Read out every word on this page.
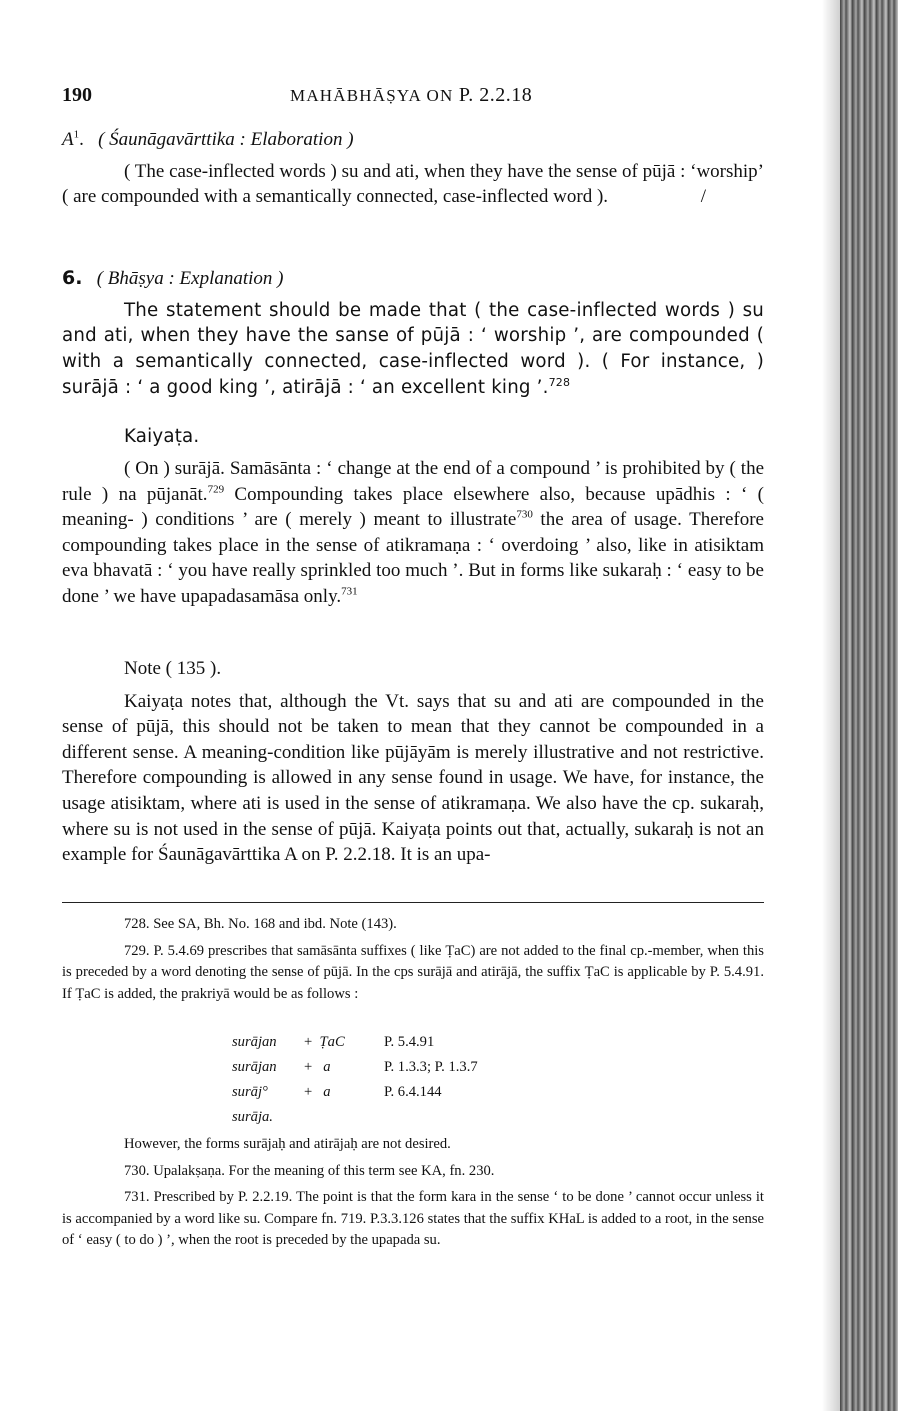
190	MAHĀBHĀṢYA ON P. 2.2.18

$A^1$.   ( Śaunāgavārttika : Elaboration )

( The case-inflected words ) su and ati, when they have the sense of pūjā : ‘worship’ ( are compounded with a semantically connected, case-inflected word ).	/

6. ( Bhāṣya : Explanation )

The statement should be made that ( the case-inflected words ) su and ati, when they have the sanse of pūjā : ‘ worship ’, are compounded ( with a semantically connected, case-inflected word ). ( For instance, ) surājā : ‘ a good king ’, atirājā : ‘ an excellent king ’.$^{728}$

Kaiyaṭa.

( On ) surājā. Samāsānta : ‘ change at the end of a compound ’ is prohibited by ( the rule ) na pūjanāt.$^{729}$ Compounding takes place elsewhere also, because upādhis : ‘ ( meaning- ) conditions ’ are ( merely ) meant to illustrate$^{730}$ the area of usage. Therefore compounding takes place in the sense of atikramaṇa : ‘ overdoing ’ also, like in atisiktam eva bhavatā : ‘ you have really sprinkled too much ’. But in forms like sukaraḥ : ‘ easy to be done ’ we have upapadasamāsa only.$^{731}$

Note ( 135 ).

Kaiyaṭa notes that, although the Vt. says that su and ati are compounded in the sense of pūjā, this should not be taken to mean that they cannot be compounded in a different sense. A meaning-condition like pūjāyām is merely illustrative and not restrictive. Therefore compounding is allowed in any sense found in usage. We have, for instance, the usage atisiktam, where ati is used in the sense of atikramaṇa. We also have the cp. sukaraḥ, where su is not used in the sense of pūjā. Kaiyaṭa points out that, actually, sukaraḥ is not an example for Śaunāgavārttika A on P. 2.2.18. It is an upa-

728. See SA, Bh. No. 168 and ibd. Note (143).

729. P. 5.4.69 prescribes that samāsānta suffixes ( like ṬaC) are not added to the final cp.-member, when this is preceded by a word denoting the sense of pūjā. In the cps surājā and atirājā, the suffix ṬaC is applicable by P. 5.4.91. If ṬaC is added, the prakriyā would be as follows :

surājan	+ ṬaC	P. 5.4.91
surājan	+ a	P. 1.3.3; P. 1.3.7
surāj°	+ a	P. 6.4.144
surāja.		

However, the forms surājaḥ and atirājaḥ are not desired.

730. Upalakṣaṇa. For the meaning of this term see KA, fn. 230.

731. Prescribed by P. 2.2.19. The point is that the form kara in the sense ‘ to be done ’ cannot occur unless it is accompanied by a word like su. Compare fn. 719. P.3.3.126 states that the suffix KHaL is added to a root, in the sense of ‘ easy ( to do ) ’, when the root is preceded by the upapada su.
